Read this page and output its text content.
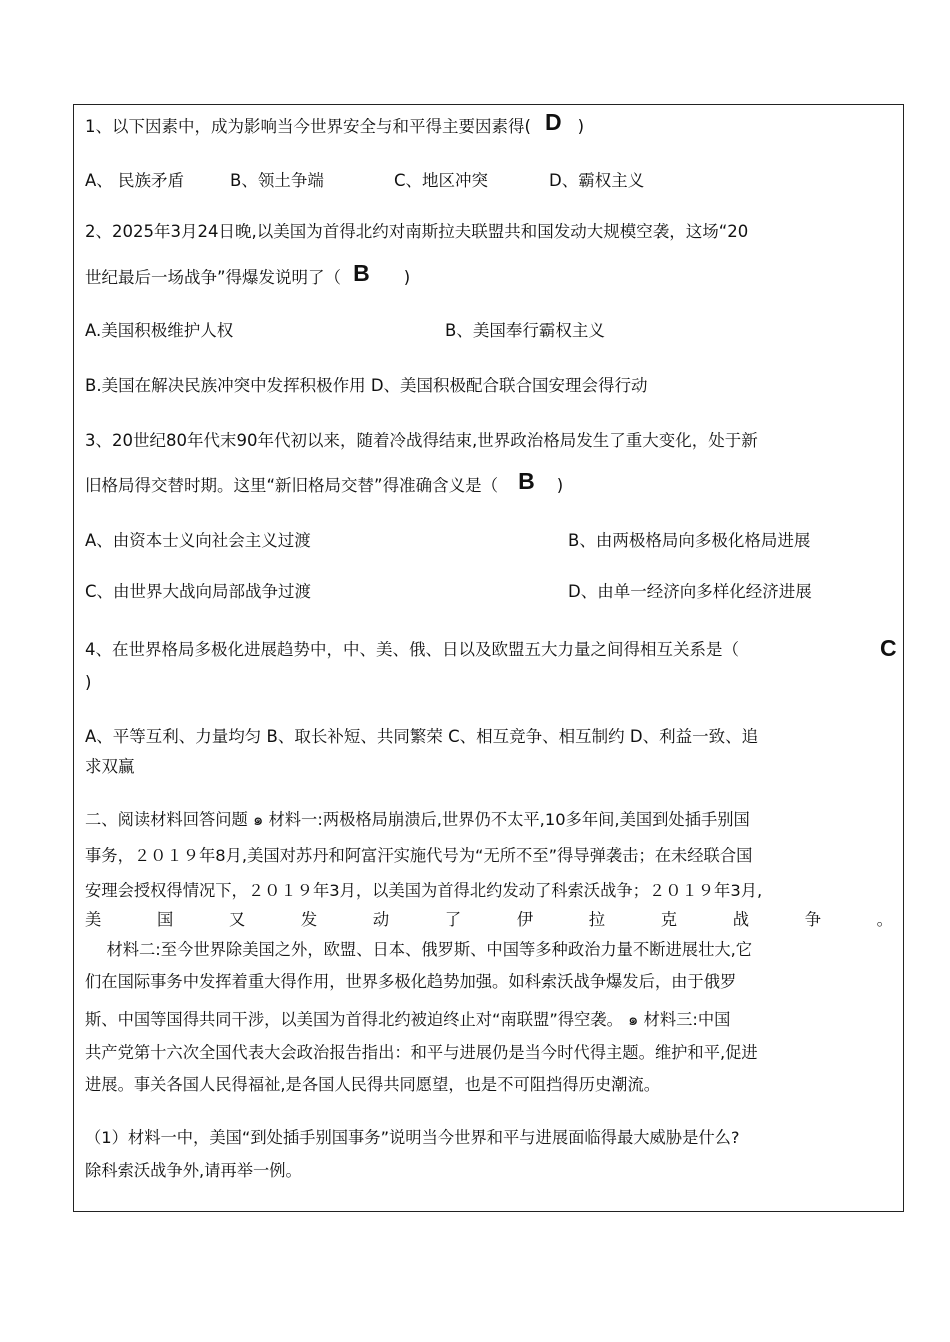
1、以下因素中，成为影响当今世界安全与和平得主要因素得( D )
A、 民族矛盾	B、领土争端	C、地区冲突	D、霸权主义
2、2025年3月24日晚,以美国为首得北约对南斯拉夫联盟共和国发动大规模空袭，这场“20
世纪最后一场战争”得爆发说明了（ B )
A.美国积极维护人权	B、美国奉行霸权主义
B.美国在解决民族冲突中发挥积极作用 D、美国积极配合联合国安理会得行动
3、20世纪80年代末90年代初以来，随着冷战得结束,世界政治格局发生了重大变化，处于新
旧格局得交替时期。这里“新旧格局交替”得准确含义是（ B )
A、由资本士义向社会主义过渡	B、由两极格局向多极化格局进展
C、由世界大战向局部战争过渡	D、由单一经济向多样化经济进展
4、在世界格局多极化进展趋势中，中、美、俄、日以及欧盟五大力量之间得相互关系是（	C
)
A、平等互利、力量均匀 B、取长补短、共同繁荣 C、相互竞争、相互制约 D、利益一致、追
求双赢
二、阅读材料回答问题 ๑ 材料一:两极格局崩溃后,世界仍不太平,10多年间,美国到处插手别国
事务，２０１９年8月,美国对苏丹和阿富汗实施代号为“无所不至”得导弹袭击；在未经联合国
安理会授权得情况下，２０１９年3月，以美国为首得北约发动了科索沃战争；２０１９年3月,
美	国	又	发	动	了	伊	拉	克	战	争	。
　 材料二:至今世界除美国之外，欧盟、日本、俄罗斯、中国等多种政治力量不断进展壮大,它
们在国际事务中发挥着重大得作用，世界多极化趋势加强。如科索沃战争爆发后，由于俄罗
斯、中国等国得共同干涉，以美国为首得北约被迫终止对“南联盟”得空袭。 ๑ 材料三:中国
共产党第十六次全国代表大会政治报告指出：和平与进展仍是当今时代得主题。维护和平,促进
进展。事关各国人民得福祉,是各国人民得共同愿望，也是不可阻挡得历史潮流。
（1）材料一中，美国“到处插手别国事务”说明当今世界和平与进展面临得最大威胁是什么?
除科索沃战争外,请再举一例。
